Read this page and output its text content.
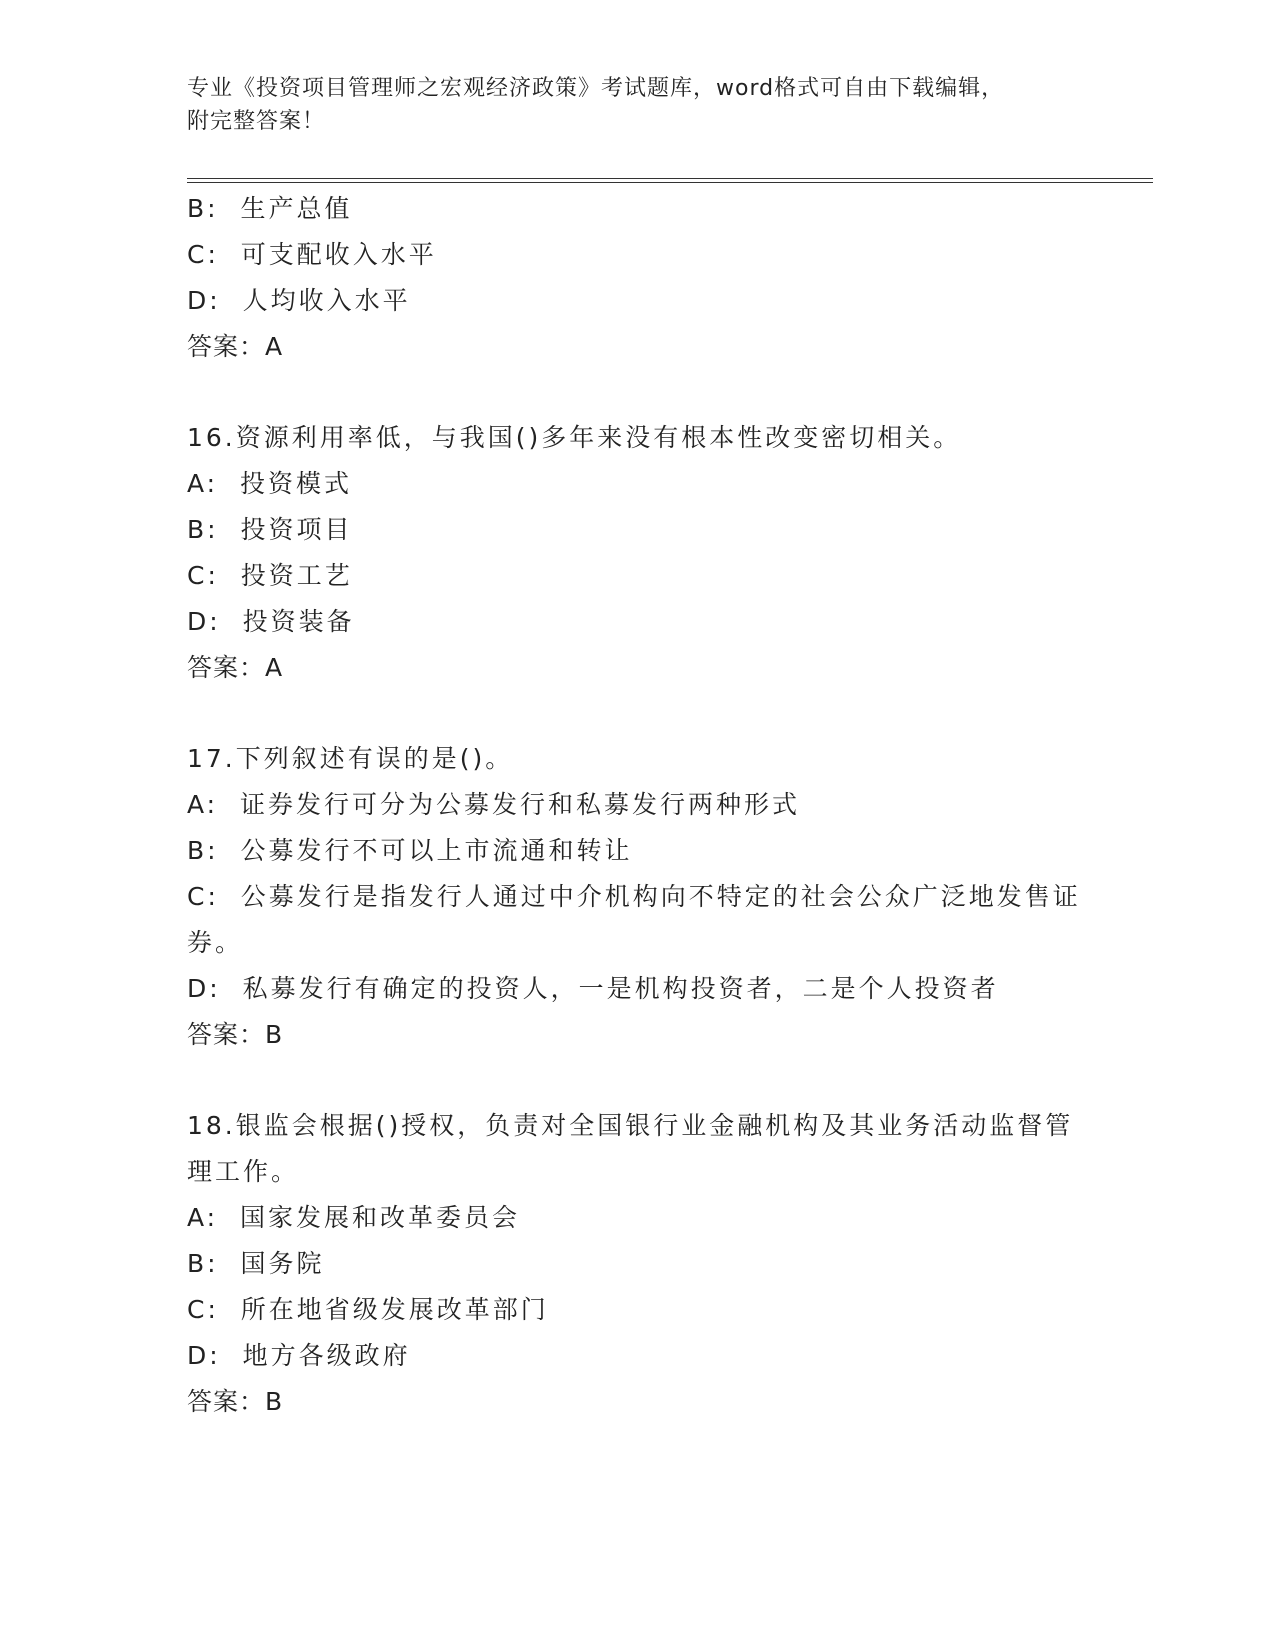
专业《投资项目管理师之宏观经济政策》考试题库，word格式可自由下载编辑，
附完整答案！

B:  生产总值

C:  可支配收入水平

D:  人均收入水平

答案：A

16.资源利用率低，与我国()多年来没有根本性改变密切相关。

A:  投资模式

B:  投资项目

C:  投资工艺

D:  投资装备

答案：A

17.下列叙述有误的是()。

A:  证券发行可分为公募发行和私募发行两种形式

B:  公募发行不可以上市流通和转让

C:  公募发行是指发行人通过中介机构向不特定的社会公众广泛地发售证券。

D:  私募发行有确定的投资人，一是机构投资者，二是个人投资者

答案：B

18.银监会根据()授权，负责对全国银行业金融机构及其业务活动监督管理工作。

A:  国家发展和改革委员会

B:  国务院

C:  所在地省级发展改革部门

D:  地方各级政府

答案：B
